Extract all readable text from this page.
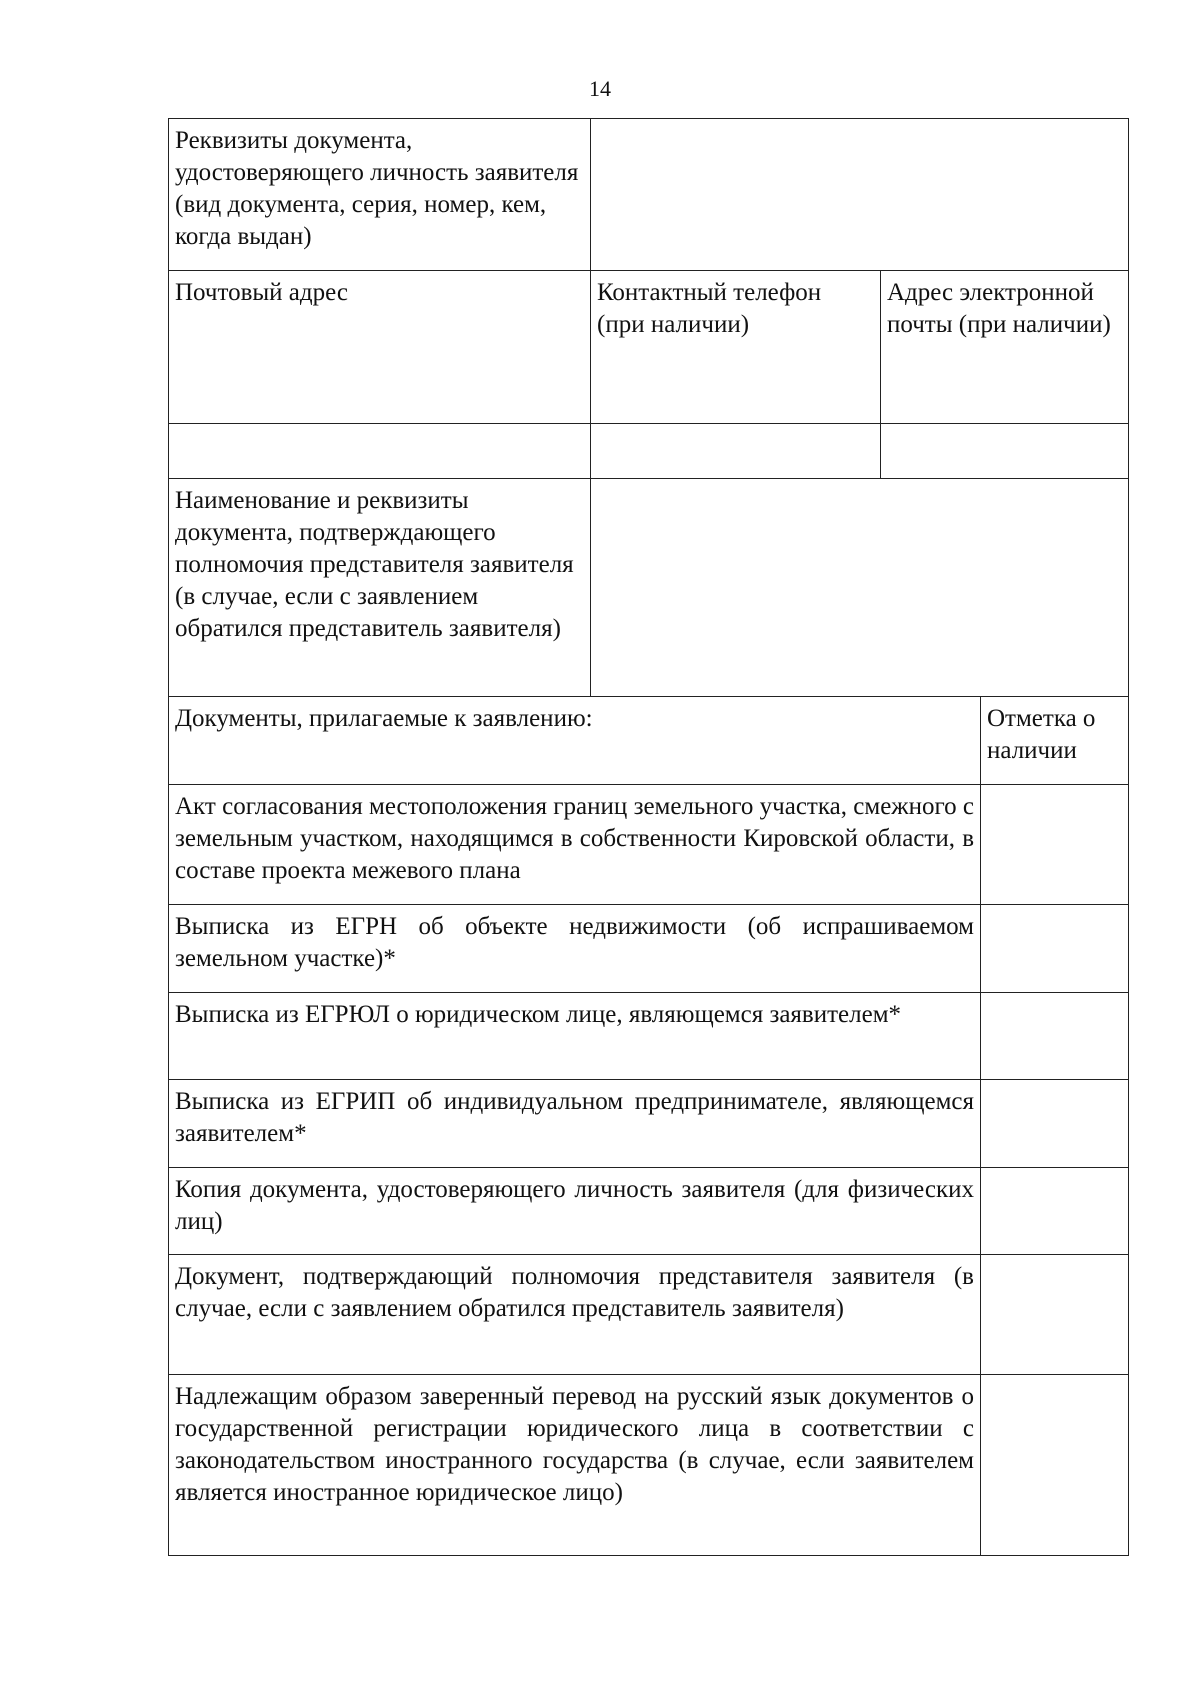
14
Реквизиты документа, удостоверяющего личность заявителя (вид документа, серия, номер, кем, когда выдан)			

Почтовый адрес	Контактный телефон (при наличии)	Адрес электронной почты (при наличии)	

Наименование и реквизиты документа, подтверждающего полномочия представителя заявителя (в случае, если с заявлением обратился представитель заявителя)			

Документы, прилагаемые к заявлению:			Отметка о наличии

Акт согласования местоположения границ земельного участка, смежного с земельным участком, находящимся в собственности Кировской области, в составе проекта межевого плана			

Выписка из ЕГРН об объекте недвижимости (об испрашиваемом земельном участке)*			

Выписка из ЕГРЮЛ о юридическом лице, являющемся заявителем*			

Выписка из ЕГРИП об индивидуальном предпринимателе, являющемся заявителем*			

Копия документа, удостоверяющего личность заявителя (для физических лиц)			

Документ, подтверждающий полномочия представителя заявителя (в случае, если с заявлением обратился представитель заявителя)			

Надлежащим образом заверенный перевод на русский язык документов о государственной регистрации юридического лица в соответствии с законодательством иностранного государства (в случае, если заявителем является иностранное юридическое лицо)			
